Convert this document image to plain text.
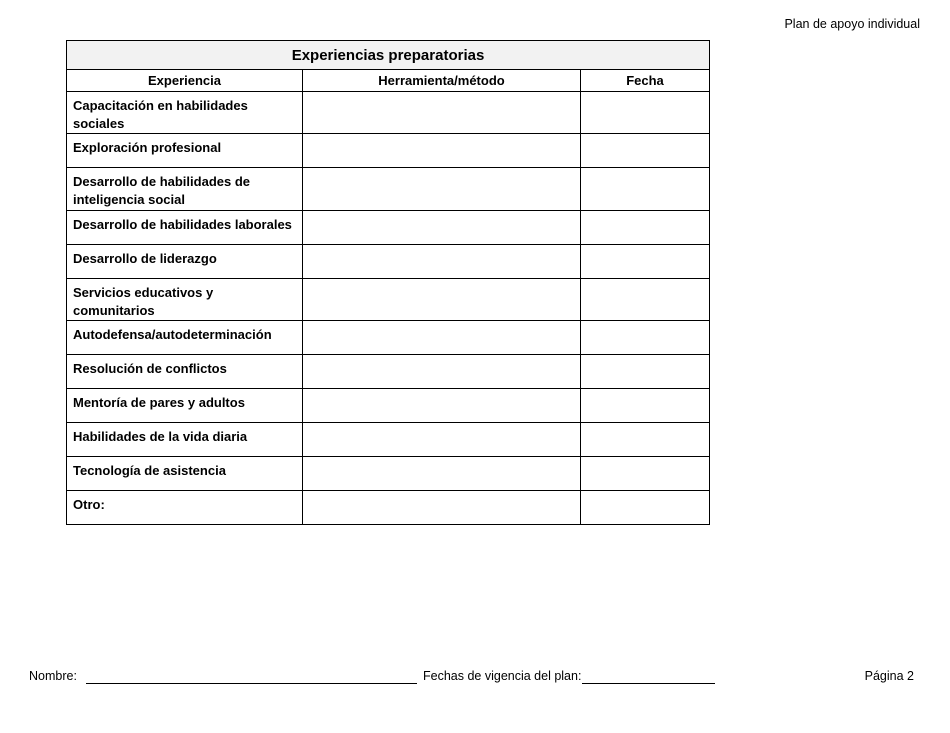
Plan de apoyo individual
Experiencias preparatorias		
Experiencia	Herramienta/método	Fecha
Capacitación en habilidades sociales		
Exploración profesional		
Desarrollo de habilidades de inteligencia social		
Desarrollo de habilidades laborales		
Desarrollo de liderazgo		
Servicios educativos y comunitarios		
Autodefensa/autodeterminación		
Resolución de conflictos		
Mentoría de pares y adultos		
Habilidades de la vida diaria		
Tecnología de asistencia		
Otro:		
Nombre:	Fechas de vigencia del plan:	Página 2
